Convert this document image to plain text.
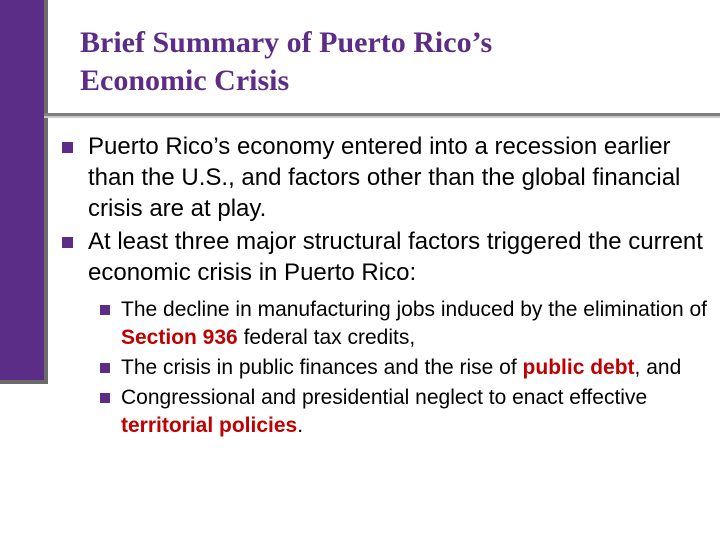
Brief Summary of Puerto Rico’s
Economic Crisis
Puerto Rico’s economy entered into a recession earlier than the U.S., and factors other than the global financial crisis are at play.
At least three major structural factors triggered the current economic crisis in Puerto Rico:
The decline in manufacturing jobs induced by the elimination of Section 936 federal tax credits,
The crisis in public finances and the rise of public debt, and
Congressional and presidential neglect to enact effective territorial policies.
